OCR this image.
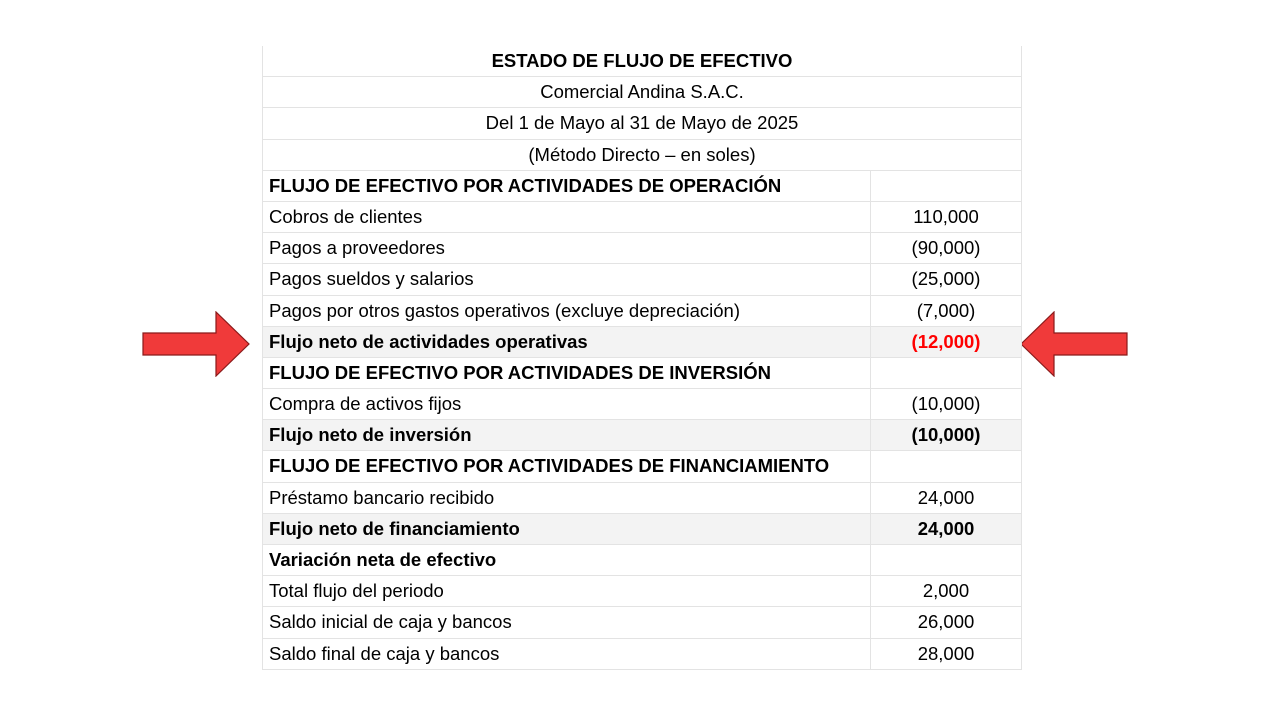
ESTADO DE FLUJO DE EFECTIVO
Comercial Andina S.A.C.
Del 1 de Mayo al 31 de Mayo de 2025
(Método Directo – en soles)
FLUJO DE EFECTIVO POR ACTIVIDADES DE OPERACIÓN
Cobros de clientes	110,000
Pagos a proveedores	(90,000)
Pagos sueldos y salarios	(25,000)
Pagos por otros gastos operativos (excluye depreciación)	(7,000)
Flujo neto de actividades operativas	(12,000)
FLUJO DE EFECTIVO POR ACTIVIDADES DE INVERSIÓN
Compra de activos fijos	(10,000)
Flujo neto de inversión	(10,000)
FLUJO DE EFECTIVO POR ACTIVIDADES DE FINANCIAMIENTO
Préstamo bancario recibido	24,000
Flujo neto de financiamiento	24,000
Variación neta de efectivo
Total flujo del periodo	2,000
Saldo inicial de caja y bancos	26,000
Saldo final de caja y bancos	28,000
